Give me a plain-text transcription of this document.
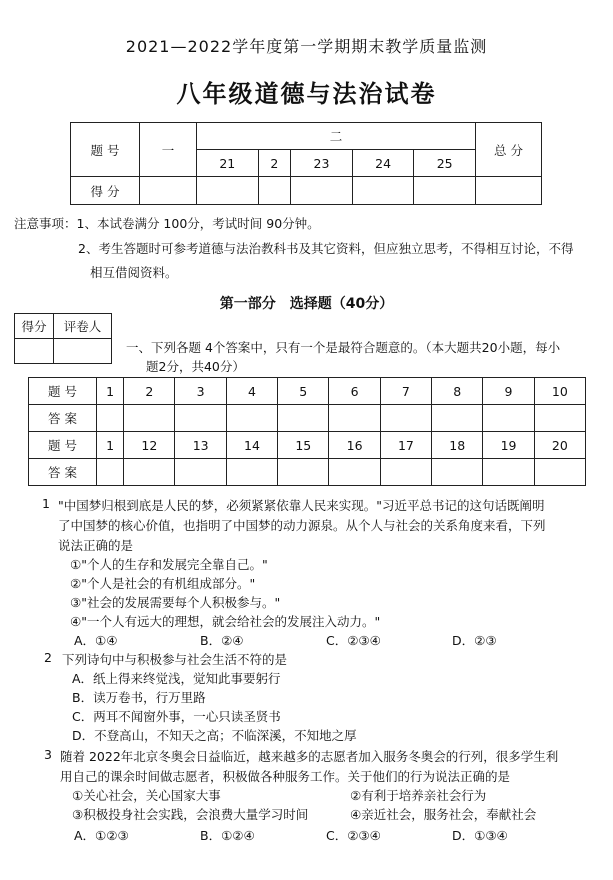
2021—2022学年度第一学期期末教学质量监测
八年级道德与法治试卷
题 号	一	二					总 分
		21	2	23	24	25	
得 分							
注意事项：1、本试卷满分 100分，考试时间 90分钟。
2、考生答题时可参考道德与法治教科书及其它资料，但应独立思考，不得相互讨论，不得
相互借阅资料。
第一部分　选择题（40分）
得分	评卷人

一、下列各题 4个答案中，只有一个是最符合题意的。（本大题共20小题，每小
题2分，共40分）
题 号	1	2	3	4	5	6	7	8	9	10
答 案										
题 号	1	12	13	14	15	16	17	18	19	20
答 案										
1 "中国梦归根到底是人民的梦，必须紧紧依靠人民来实现。"习近平总书记的这句话既阐明
了中国梦的核心价值，也指明了中国梦的动力源泉。从个人与社会的关系角度来看，下列
说法正确的是
①"个人的生存和发展完全靠自己。"
②"个人是社会的有机组成部分。"
③"社会的发展需要每个人积极参与。"
④"一个人有远大的理想，就会给社会的发展注入动力。"
A．①④	B．②④	C．②③④	D．②③
2 下列诗句中与积极参与社会生活不符的是
A．纸上得来终觉浅，觉知此事要躬行
B．读万卷书，行万里路
C．两耳不闻窗外事，一心只读圣贤书
D．不登高山，不知天之高；不临深溪，不知地之厚
3 随着 2022年北京冬奥会日益临近，越来越多的志愿者加入服务冬奥会的行列，很多学生利
用自己的课余时间做志愿者，积极做各种服务工作。关于他们的行为说法正确的是
①关心社会，关心国家大事	②有利于培养亲社会行为
③积极投身社会实践，会浪费大量学习时间	④亲近社会，服务社会，奉献社会
A．①②③	B．①②④	C．②③④	D．①③④
